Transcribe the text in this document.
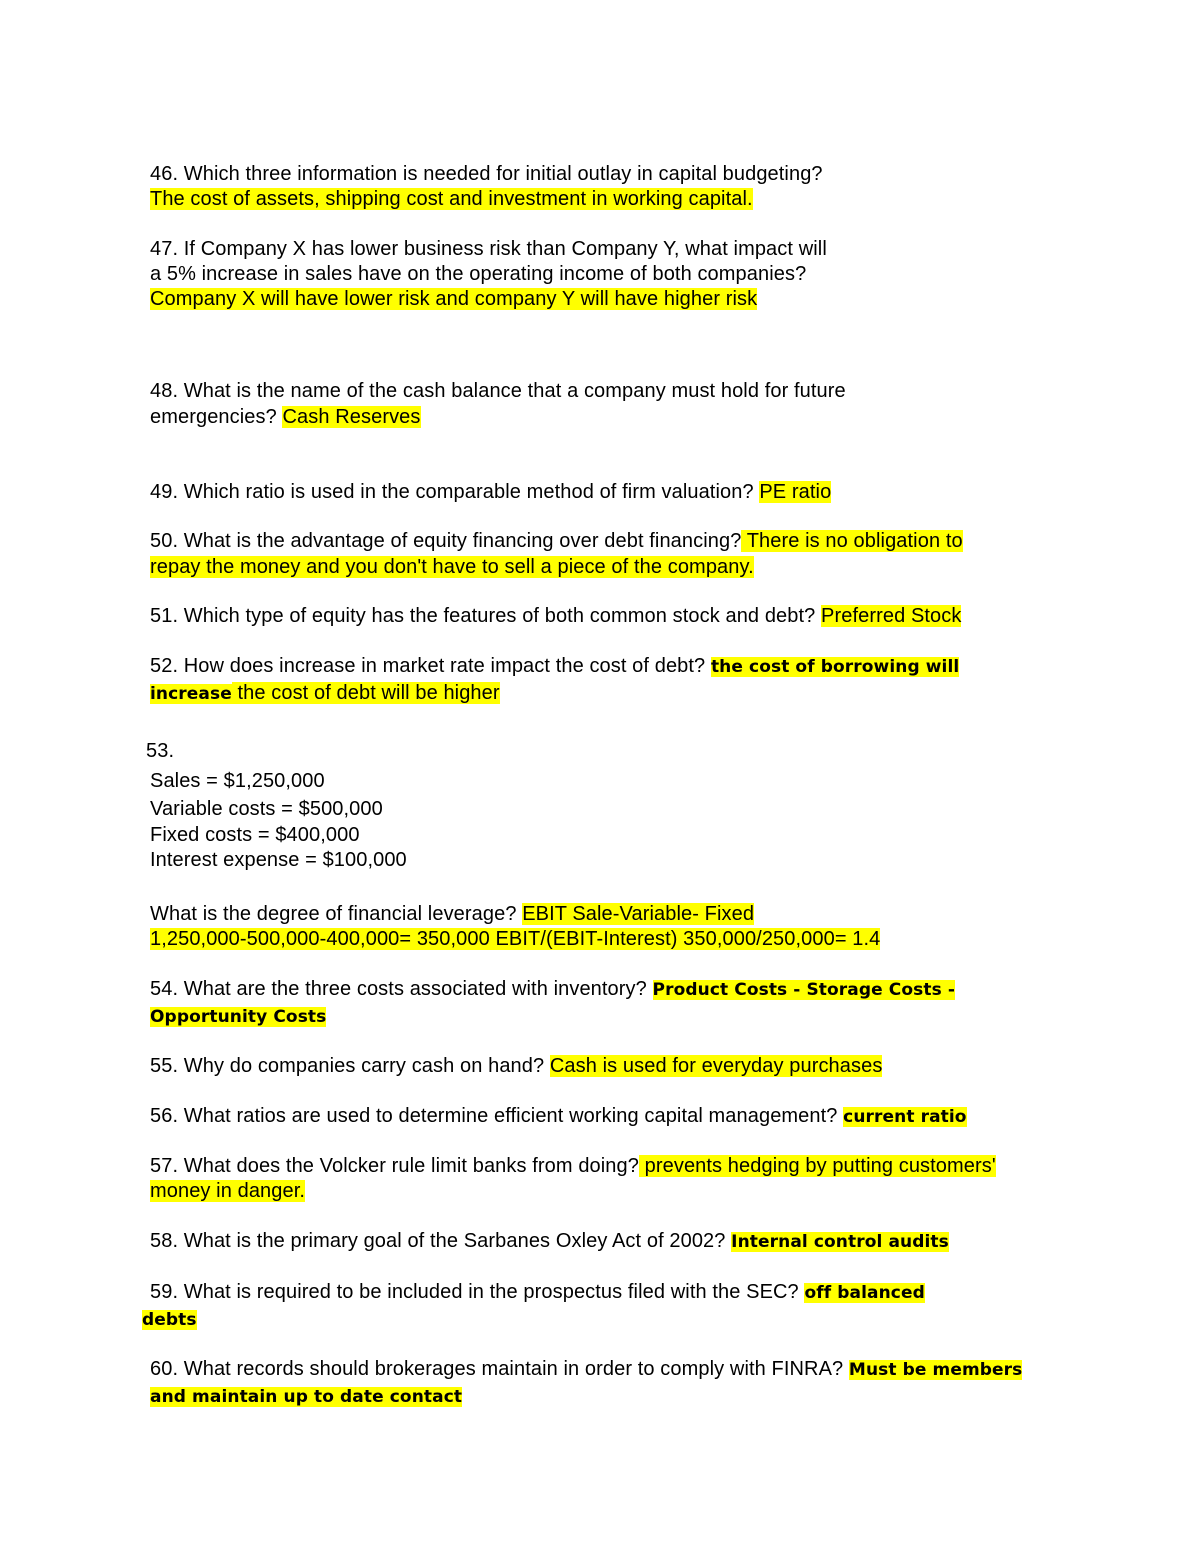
46. Which three information is needed for initial outlay in capital budgeting?
The cost of assets, shipping cost and investment in working capital.
47. If Company X has lower business risk than Company Y, what impact will
a 5% increase in sales have on the operating income of both companies?
Company X will have lower risk and company Y will have higher risk
48. What is the name of the cash balance that a company must hold for future
emergencies? Cash Reserves
49. Which ratio is used in the comparable method of firm valuation? PE ratio
50. What is the advantage of equity financing over debt financing? There is no obligation to
repay the money and you don't have to sell a piece of the company.
51. Which type of equity has the features of both common stock and debt? Preferred Stock
52. How does increase in market rate impact the cost of debt? the cost of borrowing will
increase the cost of debt will be higher
53.
Sales = $1,250,000
Variable costs = $500,000
Fixed costs = $400,000
Interest expense = $100,000
What is the degree of financial leverage? EBIT Sale-Variable- Fixed
1,250,000-500,000-400,000= 350,000 EBIT/(EBIT-Interest) 350,000/250,000= 1.4
54. What are the three costs associated with inventory? Product Costs - Storage Costs -
Opportunity Costs
55. Why do companies carry cash on hand? Cash is used for everyday purchases
56. What ratios are used to determine efficient working capital management? current ratio
57. What does the Volcker rule limit banks from doing? prevents hedging by putting customers'
money in danger.
58. What is the primary goal of the Sarbanes Oxley Act of 2002? Internal control audits
59. What is required to be included in the prospectus filed with the SEC? off balanced
debts
60. What records should brokerages maintain in order to comply with FINRA? Must be members
and maintain up to date contact
